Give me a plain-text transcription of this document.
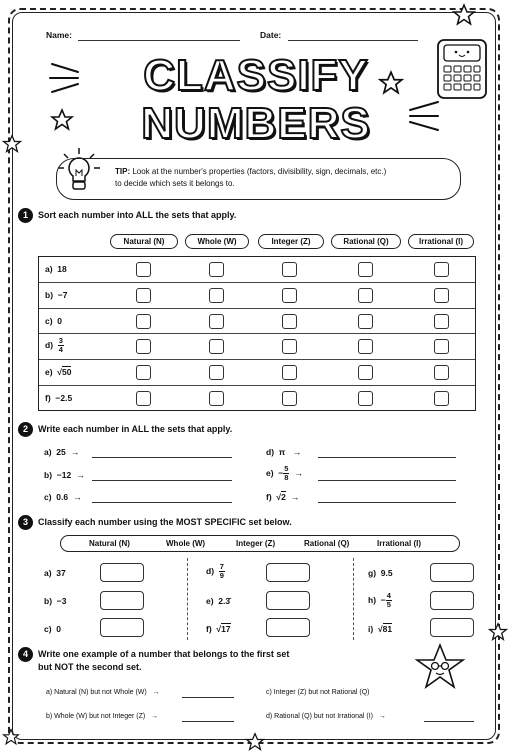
Name:	Date:
CLASSIFY
NUMBERS
TIP: Look at the number's properties (factors, divisibility, sign, decimals, etc.)
to decide which sets it belongs to.
1	Sort each number into ALL the sets that apply.
Natural (N)	Whole (W)	Integer (Z)	Rational (Q)	Irrational (I)
a) 18
b) −7
c) 0
$d) \frac{3}{4}$
e) √50
f) −2.5
2	Write each number in ALL the sets that apply.
a) 25 →
b) −12 →
c) 0.6 →
d) π →
$e) - \frac{5}{8}$ →
f) √2 →
3	Classify each number using the MOST SPECIFIC set below.
Natural (N)	Whole (W)	Integer (Z)	Rational (Q)	Irrational (I)
a) 37
b) −3
c) 0
$d) \frac{7}{9}$
e) 2.3̄
f) √17
g) 9.5
$h) - \frac{4}{5}$
i) √81
4	Write one example of a number that belongs to the first set
but NOT the second set.
a) Natural (N) but not Whole (W) →
b) Whole (W) but not Integer (Z) →
c) Integer (Z) but not Rational (Q)
d) Rational (Q) but not Irrational (I) →
